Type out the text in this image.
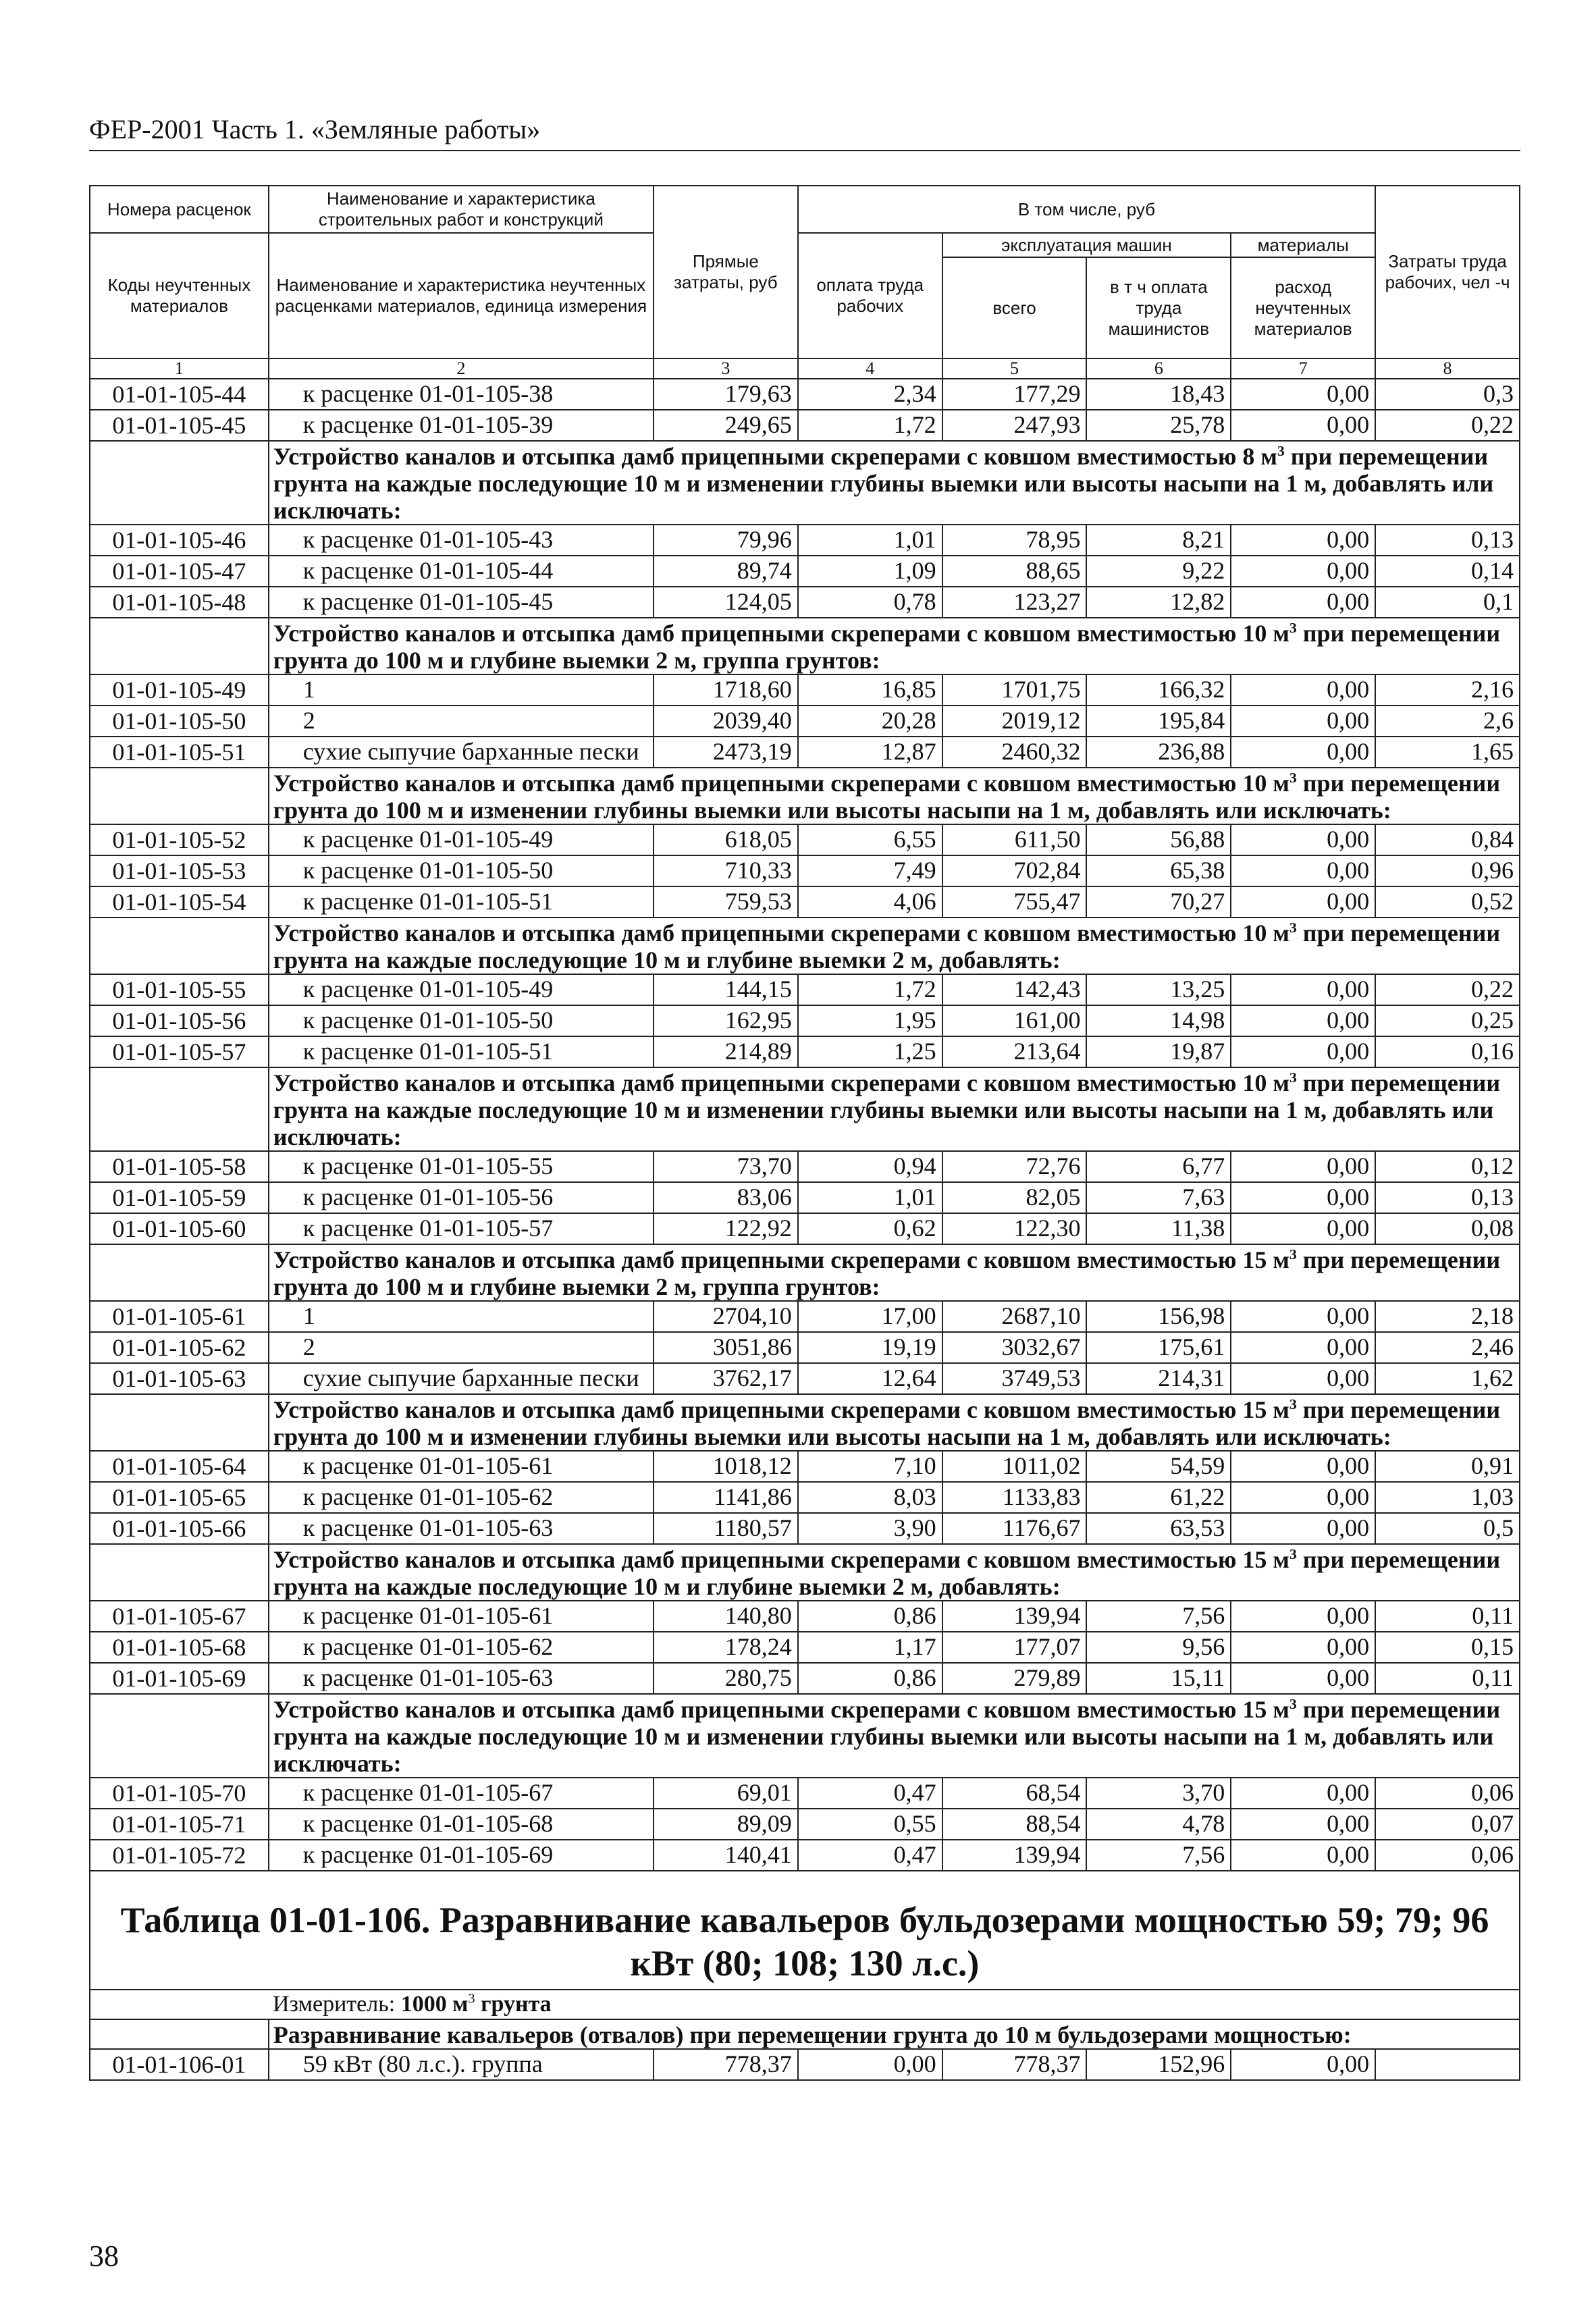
ФЕР-2001 Часть 1. «Земляные работы»
Номера расценок	Наименование и характеристика строительных работ и конструкций	Прямые затраты, руб	В том числе, руб				Затраты труда рабочих, чел -ч
Коды неучтенных материалов	Наименование и характеристика неучтенных расценками материалов, единица измерения		оплата труда рабочих	эксплуатация машин		материалы	
				всего	в т ч оплата труда машинистов	расход неучтенных материалов	
1	2	3	4	5	6	7	8
01-01-105-44	к расценке 01-01-105-38	179,63	2,34	177,29	18,43	0,00	0,3
01-01-105-45	к расценке 01-01-105-39	249,65	1,72	247,93	25,78	0,00	0,22
	Устройство каналов и отсыпка дамб прицепными скреперами с ковшом вместимостью 8 $м^3$ при перемещении грунта на каждые последующие 10 м и изменении глубины выемки или высоты насыпи на 1 м, добавлять или исключать:						
01-01-105-46	к расценке 01-01-105-43	79,96	1,01	78,95	8,21	0,00	0,13
01-01-105-47	к расценке 01-01-105-44	89,74	1,09	88,65	9,22	0,00	0,14
01-01-105-48	к расценке 01-01-105-45	124,05	0,78	123,27	12,82	0,00	0,1
	Устройство каналов и отсыпка дамб прицепными скреперами с ковшом вместимостью 10 $м^3$ при перемещении грунта до 100 м и глубине выемки 2 м, группа грунтов:						
01-01-105-49	1	1718,60	16,85	1701,75	166,32	0,00	2,16
01-01-105-50	2	2039,40	20,28	2019,12	195,84	0,00	2,6
01-01-105-51	сухие сыпучие барханные пески	2473,19	12,87	2460,32	236,88	0,00	1,65
	Устройство каналов и отсыпка дамб прицепными скреперами с ковшом вместимостью 10 $м^3$ при перемещении грунта до 100 м и изменении глубины выемки или высоты насыпи на 1 м, добавлять или исключать:						
01-01-105-52	к расценке 01-01-105-49	618,05	6,55	611,50	56,88	0,00	0,84
01-01-105-53	к расценке 01-01-105-50	710,33	7,49	702,84	65,38	0,00	0,96
01-01-105-54	к расценке 01-01-105-51	759,53	4,06	755,47	70,27	0,00	0,52
	Устройство каналов и отсыпка дамб прицепными скреперами с ковшом вместимостью 10 $м^3$ при перемещении грунта на каждые последующие 10 м и глубине выемки 2 м, добавлять:						
01-01-105-55	к расценке 01-01-105-49	144,15	1,72	142,43	13,25	0,00	0,22
01-01-105-56	к расценке 01-01-105-50	162,95	1,95	161,00	14,98	0,00	0,25
01-01-105-57	к расценке 01-01-105-51	214,89	1,25	213,64	19,87	0,00	0,16
	Устройство каналов и отсыпка дамб прицепными скреперами с ковшом вместимостью 10 $м^3$ при перемещении грунта на каждые последующие 10 м и изменении глубины выемки или высоты насыпи на 1 м, добавлять или исключать:						
01-01-105-58	к расценке 01-01-105-55	73,70	0,94	72,76	6,77	0,00	0,12
01-01-105-59	к расценке 01-01-105-56	83,06	1,01	82,05	7,63	0,00	0,13
01-01-105-60	к расценке 01-01-105-57	122,92	0,62	122,30	11,38	0,00	0,08
	Устройство каналов и отсыпка дамб прицепными скреперами с ковшом вместимостью 15 $м^3$ при перемещении грунта до 100 м и глубине выемки 2 м, группа грунтов:						
01-01-105-61	1	2704,10	17,00	2687,10	156,98	0,00	2,18
01-01-105-62	2	3051,86	19,19	3032,67	175,61	0,00	2,46
01-01-105-63	сухие сыпучие барханные пески	3762,17	12,64	3749,53	214,31	0,00	1,62
	Устройство каналов и отсыпка дамб прицепными скреперами с ковшом вместимостью 15 $м^3$ при перемещении грунта до 100 м и изменении глубины выемки или высоты насыпи на 1 м, добавлять или исключать:						
01-01-105-64	к расценке 01-01-105-61	1018,12	7,10	1011,02	54,59	0,00	0,91
01-01-105-65	к расценке 01-01-105-62	1141,86	8,03	1133,83	61,22	0,00	1,03
01-01-105-66	к расценке 01-01-105-63	1180,57	3,90	1176,67	63,53	0,00	0,5
	Устройство каналов и отсыпка дамб прицепными скреперами с ковшом вместимостью 15 $м^3$ при перемещении грунта на каждые последующие 10 м и глубине выемки 2 м, добавлять:						
01-01-105-67	к расценке 01-01-105-61	140,80	0,86	139,94	7,56	0,00	0,11
01-01-105-68	к расценке 01-01-105-62	178,24	1,17	177,07	9,56	0,00	0,15
01-01-105-69	к расценке 01-01-105-63	280,75	0,86	279,89	15,11	0,00	0,11
	Устройство каналов и отсыпка дамб прицепными скреперами с ковшом вместимостью 15 $м^3$ при перемещении грунта на каждые последующие 10 м и изменении глубины выемки или высоты насыпи на 1 м, добавлять или исключать:						
01-01-105-70	к расценке 01-01-105-67	69,01	0,47	68,54	3,70	0,00	0,06
01-01-105-71	к расценке 01-01-105-68	89,09	0,55	88,54	4,78	0,00	0,07
01-01-105-72	к расценке 01-01-105-69	140,41	0,47	139,94	7,56	0,00	0,06
Таблица 01-01-106. Разравнивание кавальеров бульдозерами мощностью 59; 79; 96 кВт (80; 108; 130 л.с.)							
Измеритель: 1000 $м^3$ грунта							
	Разравнивание кавальеров (отвалов) при перемещении грунта до 10 м бульдозерами мощностью:						
01-01-106-01	59 кВт (80 л.с.). группа	778,37	0,00	778,37	152,96	0,00	
38
